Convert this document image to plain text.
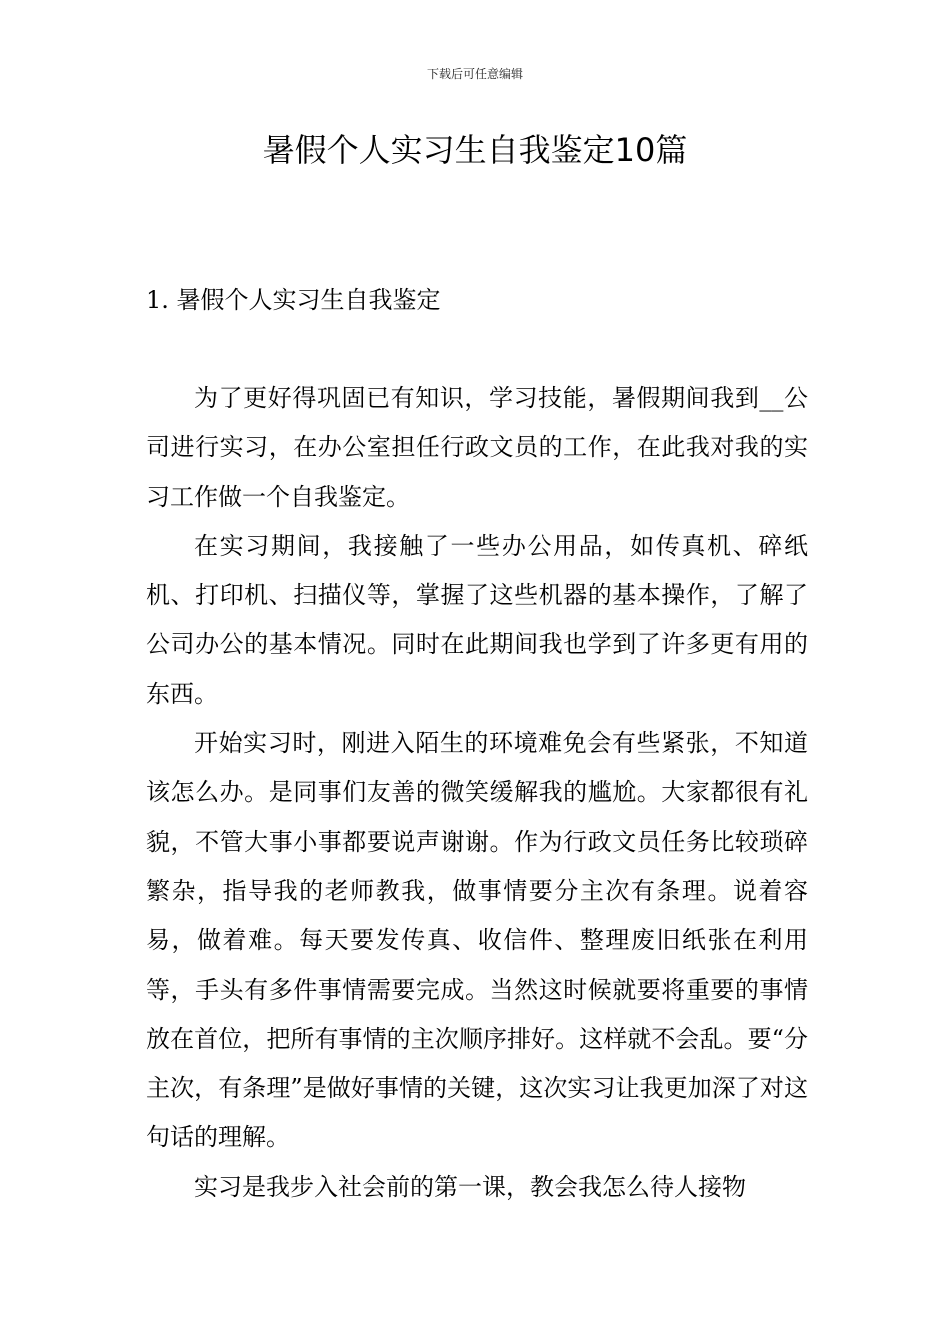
下载后可任意编辑
暑假个人实习生自我鉴定10篇
1. 暑假个人实习生自我鉴定

为了更好得巩固已有知识，学习技能，暑假期间我到__公司进行实习，在办公室担任行政文员的工作，在此我对我的实习工作做一个自我鉴定。

在实习期间，我接触了一些办公用品，如传真机、碎纸机、打印机、扫描仪等，掌握了这些机器的基本操作，了解了公司办公的基本情况。同时在此期间我也学到了许多更有用的东西。

开始实习时，刚进入陌生的环境难免会有些紧张，不知道该怎么办。是同事们友善的微笑缓解我的尴尬。大家都很有礼貌，不管大事小事都要说声谢谢。作为行政文员任务比较琐碎繁杂，指导我的老师教我，做事情要分主次有条理。说着容易，做着难。每天要发传真、收信件、整理废旧纸张在利用等，手头有多件事情需要完成。当然这时候就要将重要的事情放在首位，把所有事情的主次顺序排好。这样就不会乱。要“分主次，有条理”是做好事情的关键，这次实习让我更加深了对这句话的理解。

实习是我步入社会前的第一课，教会我怎么待人接物
